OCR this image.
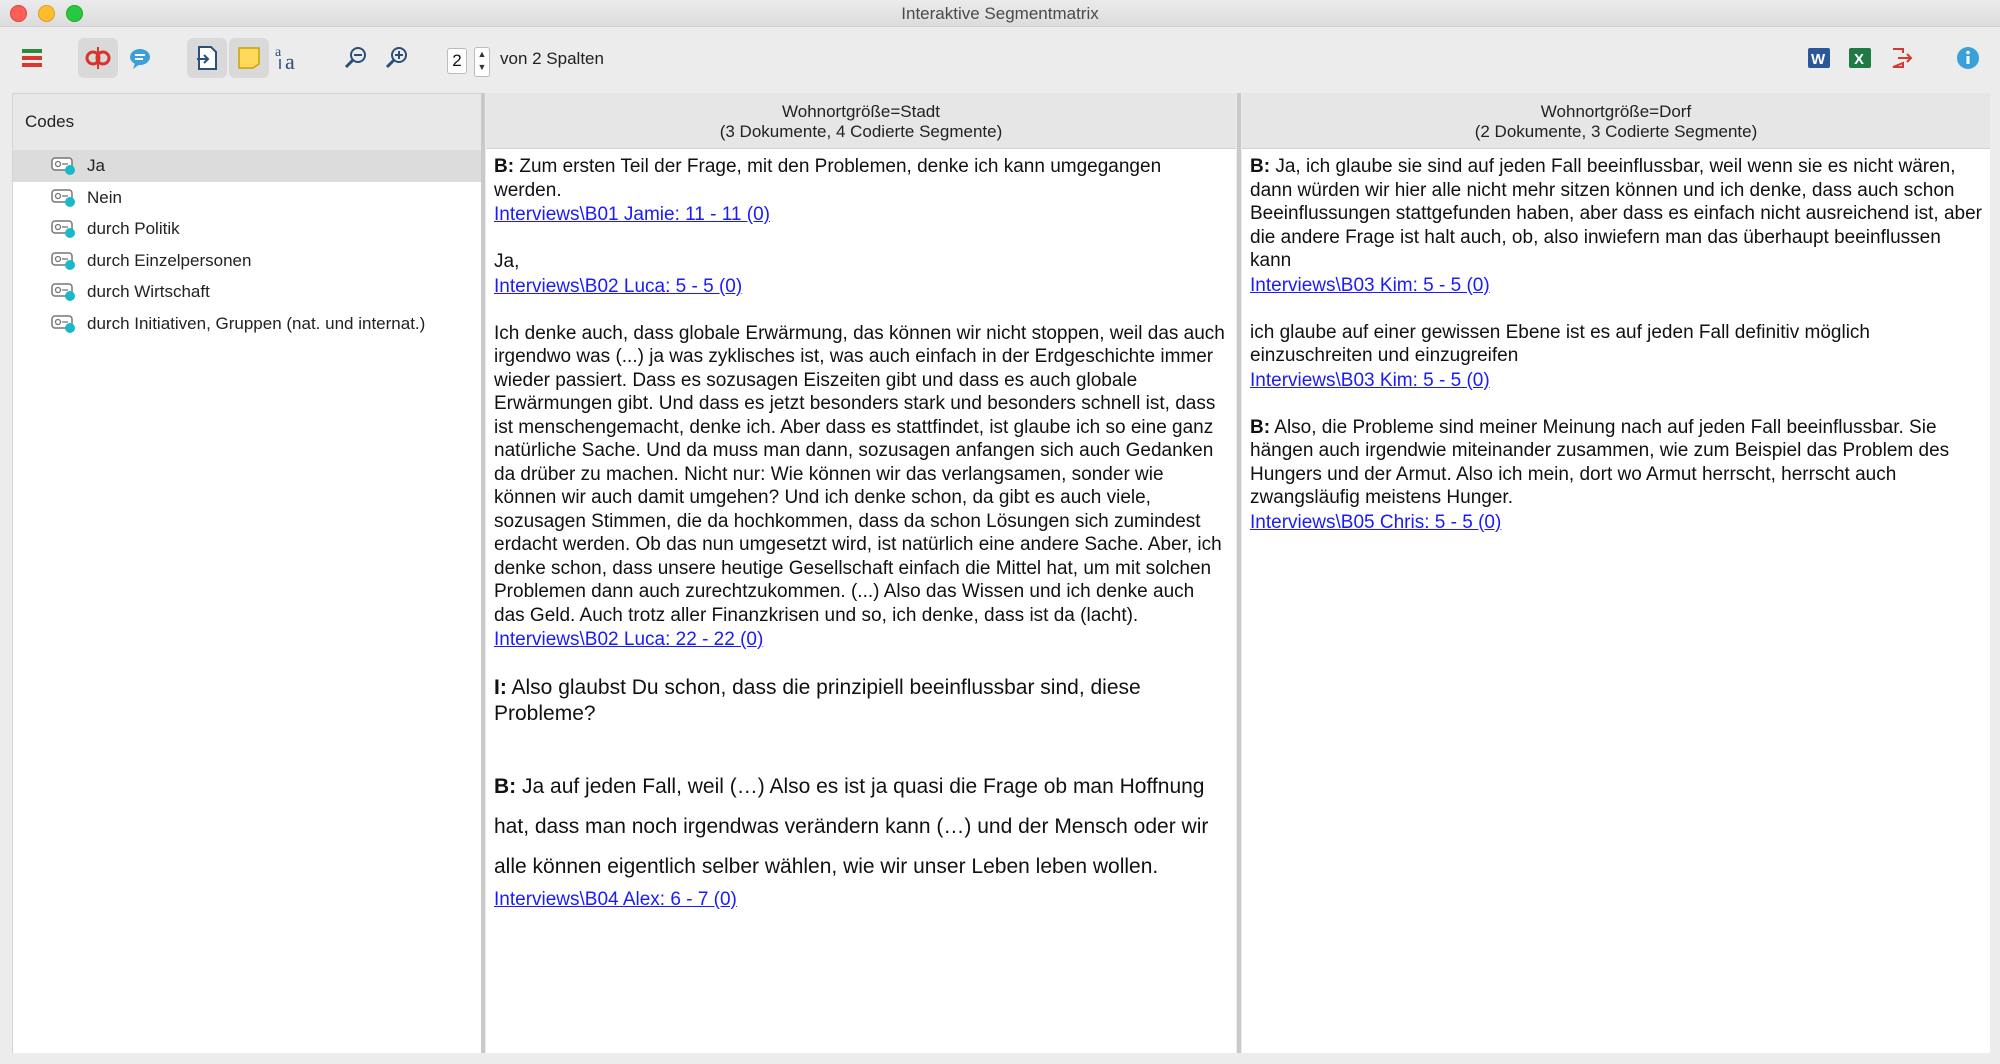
Interaktive Segmentmatrix
a a	2	▲
▼ von 2 Spalten	W X
Codes
Ja
Nein
durch Politik
durch Einzelpersonen
durch Wirtschaft
durch Initiativen, Gruppen (nat. und internat.)
Wohnortgröße=Stadt
(3 Dokumente, 4 Codierte Segmente)
B: Zum ersten Teil der Frage, mit den Problemen, denke ich kann umgegangen werden.
Interviews\B01 Jamie: 11 - 11 (0)
Ja,
Interviews\B02 Luca: 5 - 5 (0)
Ich denke auch, dass globale Erwärmung, das können wir nicht stoppen, weil das auch irgendwo was (...) ja was zyklisches ist, was auch einfach in der Erdgeschichte immer wieder passiert. Dass es sozusagen Eiszeiten gibt und dass es auch globale Erwärmungen gibt. Und dass es jetzt besonders stark und besonders schnell ist, dass ist menschengemacht, denke ich. Aber dass es stattfindet, ist glaube ich so eine ganz natürliche Sache. Und da muss man dann, sozusagen anfangen sich auch Gedanken da drüber zu machen. Nicht nur: Wie können wir das verlangsamen, sonder wie können wir auch damit umgehen? Und ich denke schon, da gibt es auch viele, sozusagen Stimmen, die da hochkommen, dass da schon Lösungen sich zumindest erdacht werden. Ob das nun umgesetzt wird, ist natürlich eine andere Sache. Aber, ich denke schon, dass unsere heutige Gesellschaft einfach die Mittel hat, um mit solchen Problemen dann auch zurechtzukommen. (...) Also das Wissen und ich denke auch das Geld. Auch trotz aller Finanzkrisen und so, ich denke, dass ist da (lacht).
Interviews\B02 Luca: 22 - 22 (0)
I: Also glaubst Du schon, dass die prinzipiell beeinflussbar sind, diese Probleme?
B: Ja auf jeden Fall, weil (…) Also es ist ja quasi die Frage ob man Hoffnung hat, dass man noch irgendwas verändern kann (…) und der Mensch oder wir alle können eigentlich selber wählen, wie wir unser Leben leben wollen.
Interviews\B04 Alex: 6 - 7 (0)
Wohnortgröße=Dorf
(2 Dokumente, 3 Codierte Segmente)
B: Ja, ich glaube sie sind auf jeden Fall beeinflussbar, weil wenn sie es nicht wären, dann würden wir hier alle nicht mehr sitzen können und ich denke, dass auch schon Beeinflussungen stattgefunden haben, aber dass es einfach nicht ausreichend ist, aber die andere Frage ist halt auch, ob, also inwiefern man das überhaupt beeinflussen kann
Interviews\B03 Kim: 5 - 5 (0)
ich glaube auf einer gewissen Ebene ist es auf jeden Fall definitiv möglich einzuschreiten und einzugreifen
Interviews\B03 Kim: 5 - 5 (0)
B: Also, die Probleme sind meiner Meinung nach auf jeden Fall beeinflussbar. Sie hängen auch irgendwie miteinander zusammen, wie zum Beispiel das Problem des Hungers und der Armut. Also ich mein, dort wo Armut herrscht, herrscht auch zwangsläufig meistens Hunger.
Interviews\B05 Chris: 5 - 5 (0)
